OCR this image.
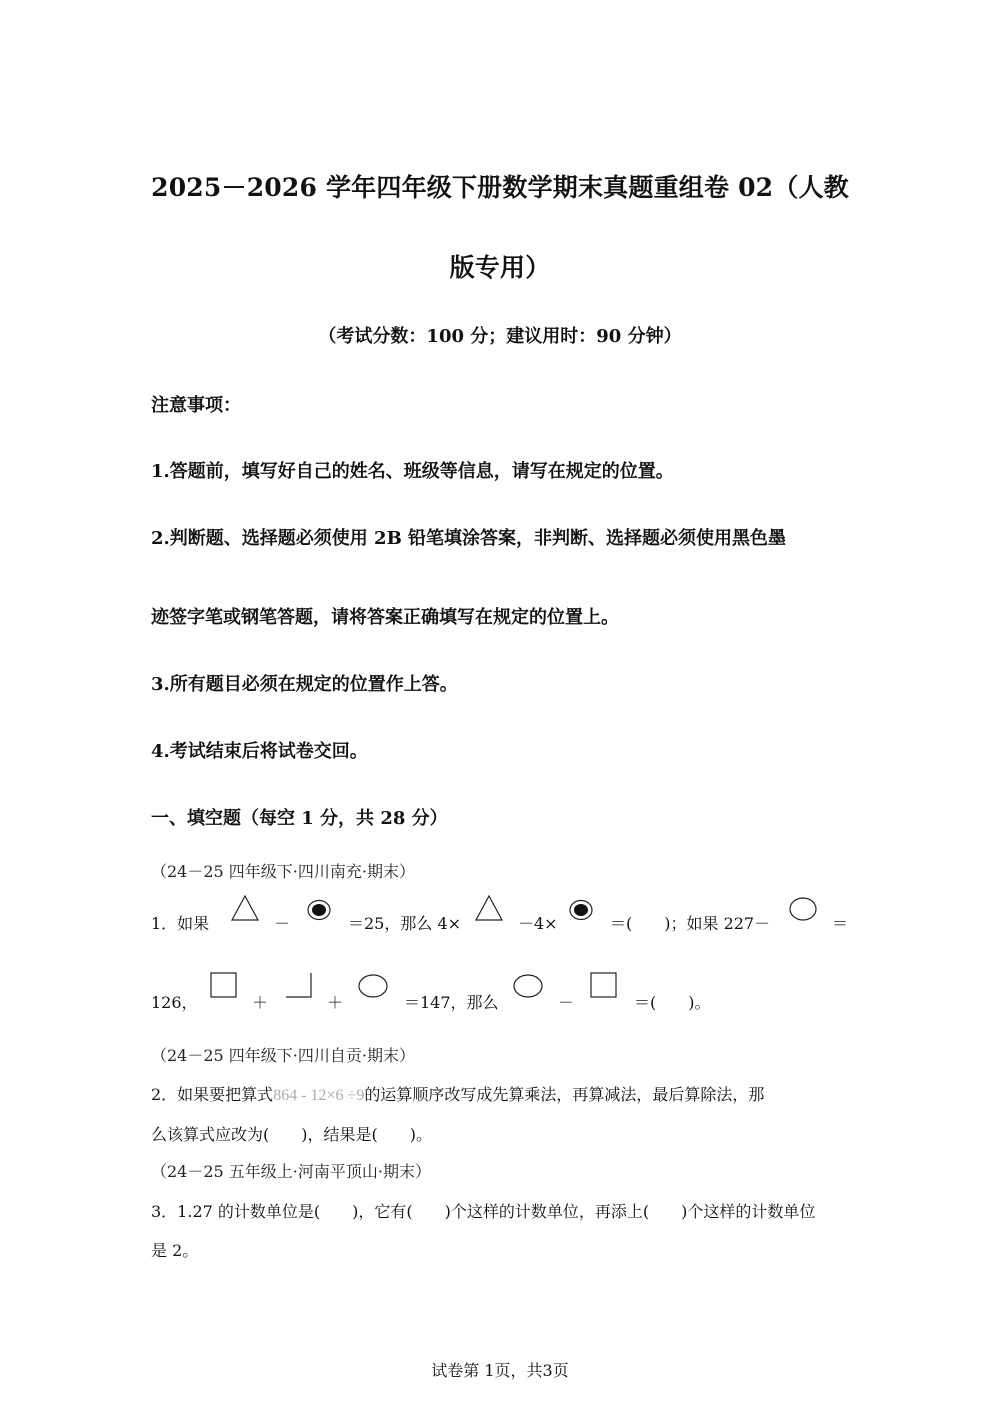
2025－2026 学年四年级下册数学期末真题重组卷 02（人教
版专用）
（考试分数：100 分；建议用时：90 分钟）
注意事项：
1.答题前，填写好自己的姓名、班级等信息，请写在规定的位置。
2.判断题、选择题必须使用 2B 铅笔填涂答案，非判断、选择题必须使用黑色墨
迹签字笔或钢笔答题，请将答案正确填写在规定的位置上。
3.所有题目必须在规定的位置作上答。
4.考试结束后将试卷交回。
一、填空题（每空 1 分，共 28 分）
（24－25 四年级下·四川南充·期末）
1．如果	－	＝25，那么 4×	－4×	＝(　　)；如果 227－	＝
126，	＋	＋	＝147，那么	－	＝(　　)。
（24－25 四年级下·四川自贡·期末）
2．如果要把算式864 - 12×6 ÷9的运算顺序改写成先算乘法，再算减法，最后算除法，那
么该算式应改为(　　)，结果是(　　)。
（24－25 五年级上·河南平顶山·期末）
3．1.27 的计数单位是(　　)，它有(　　)个这样的计数单位，再添上(　　)个这样的计数单位
是 2。
试卷第 1页，共3页
